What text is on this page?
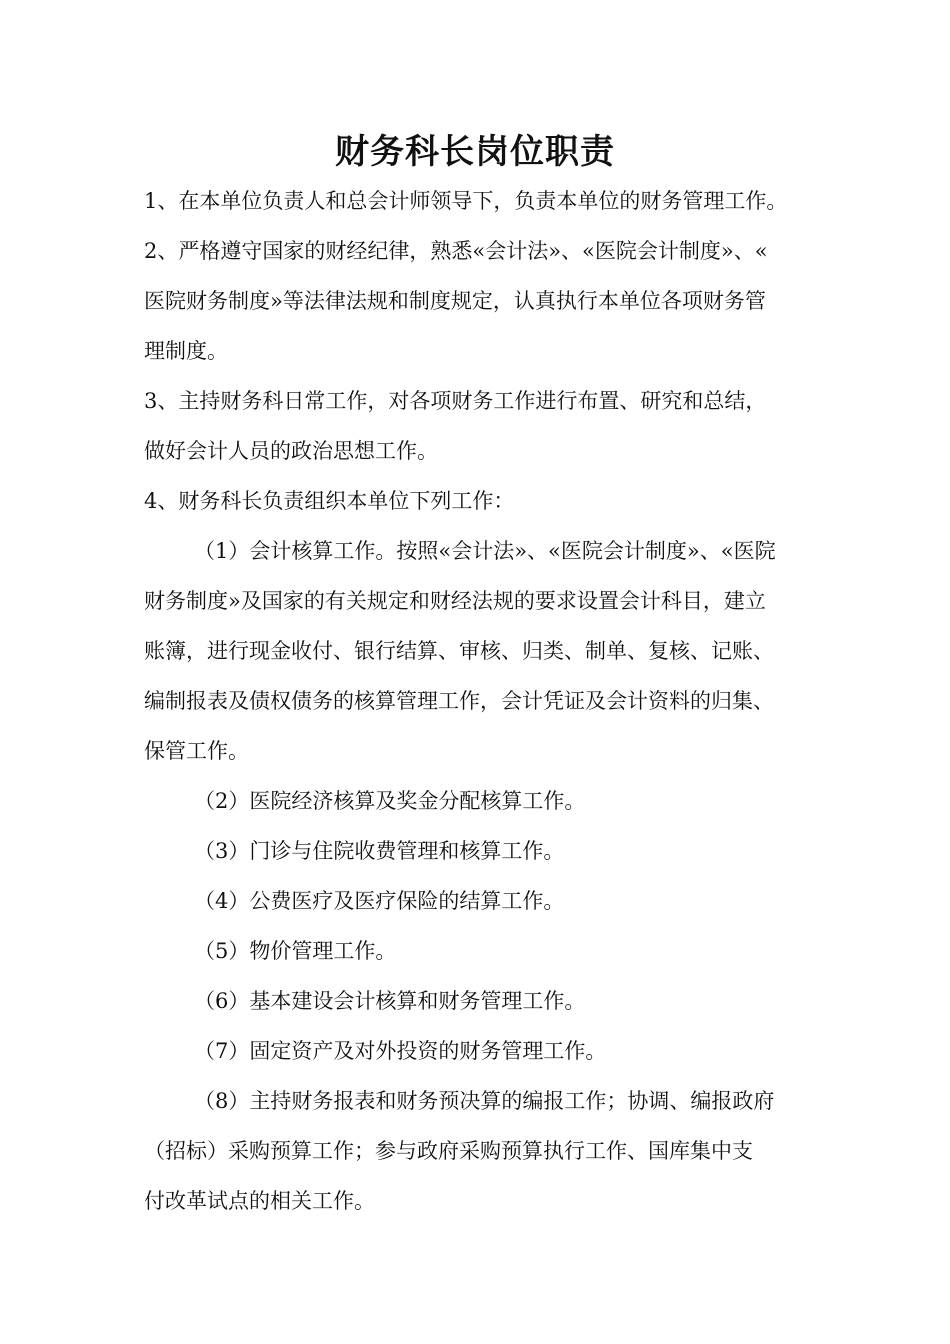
财务科长岗位职责
1、在本单位负责人和总会计师领导下，负责本单位的财务管理工作。
2、严格遵守国家的财经纪律，熟悉«会计法»、«医院会计制度»、«
医院财务制度»等法律法规和制度规定，认真执行本单位各项财务管
理制度。
3、主持财务科日常工作，对各项财务工作进行布置、研究和总结，
做好会计人员的政治思想工作。
4、财务科长负责组织本单位下列工作：
（1）会计核算工作。按照«会计法»、«医院会计制度»、«医院
财务制度»及国家的有关规定和财经法规的要求设置会计科目，建立
账簿，进行现金收付、银行结算、审核、归类、制单、复核、记账、
编制报表及债权债务的核算管理工作，会计凭证及会计资料的归集、
保管工作。
（2）医院经济核算及奖金分配核算工作。
（3）门诊与住院收费管理和核算工作。
（4）公费医疗及医疗保险的结算工作。
（5）物价管理工作。
（6）基本建设会计核算和财务管理工作。
（7）固定资产及对外投资的财务管理工作。
（8）主持财务报表和财务预决算的编报工作；协调、编报政府
（招标）采购预算工作；参与政府采购预算执行工作、国库集中支
付改革试点的相关工作。
